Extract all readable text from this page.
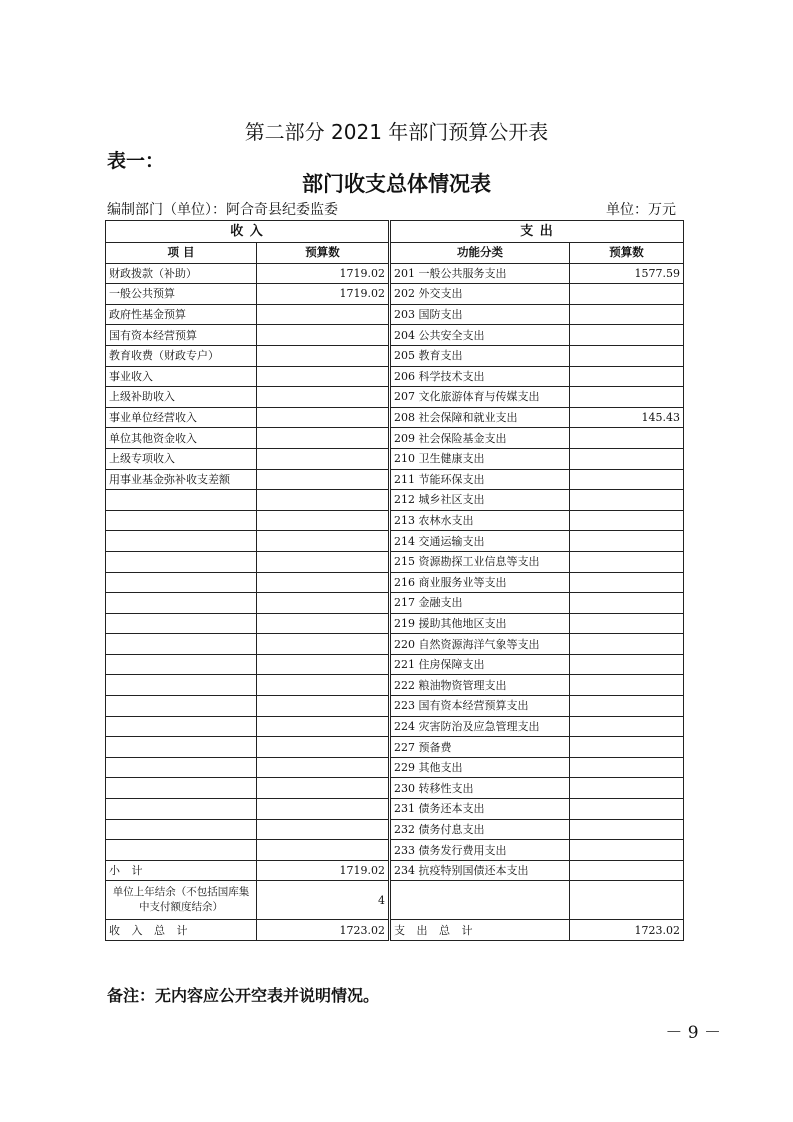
第二部分 2021 年部门预算公开表
表一：
部门收支总体情况表
编制部门（单位）：阿合奇县纪委监委	单位：万元
收 入		支 出	
项 目	预算数	功能分类	预算数
财政拨款（补助）	1719.02	201 一般公共服务支出	1577.59
一般公共预算	1719.02	202 外交支出	
政府性基金预算		203 国防支出	
国有资本经营预算		204 公共安全支出	
教育收费（财政专户）		205 教育支出	
事业收入		206 科学技术支出	
上级补助收入		207 文化旅游体育与传媒支出	
事业单位经营收入		208 社会保障和就业支出	145.43
单位其他资金收入		209 社会保险基金支出	
上级专项收入		210 卫生健康支出	
用事业基金弥补收支差额		211 节能环保支出	
		212 城乡社区支出	
		213 农林水支出	
		214 交通运输支出	
		215 资源勘探工业信息等支出	
		216 商业服务业等支出	
		217 金融支出	
		219 援助其他地区支出	
		220 自然资源海洋气象等支出	
		221 住房保障支出	
		222 粮油物资管理支出	
		223 国有资本经营预算支出	
		224 灾害防治及应急管理支出	
		227 预备费	
		229 其他支出	
		230 转移性支出	
		231 债务还本支出	
		232 债务付息支出	
		233 债务发行费用支出	
小 计	1719.02	234 抗疫特别国债还本支出	
单位上年结余（不包括国库集中支付额度结余）	4		
收 入 总 计	1723.02	支 出 总 计	1723.02
备注：无内容应公开空表并说明情况。
－ 9 －
